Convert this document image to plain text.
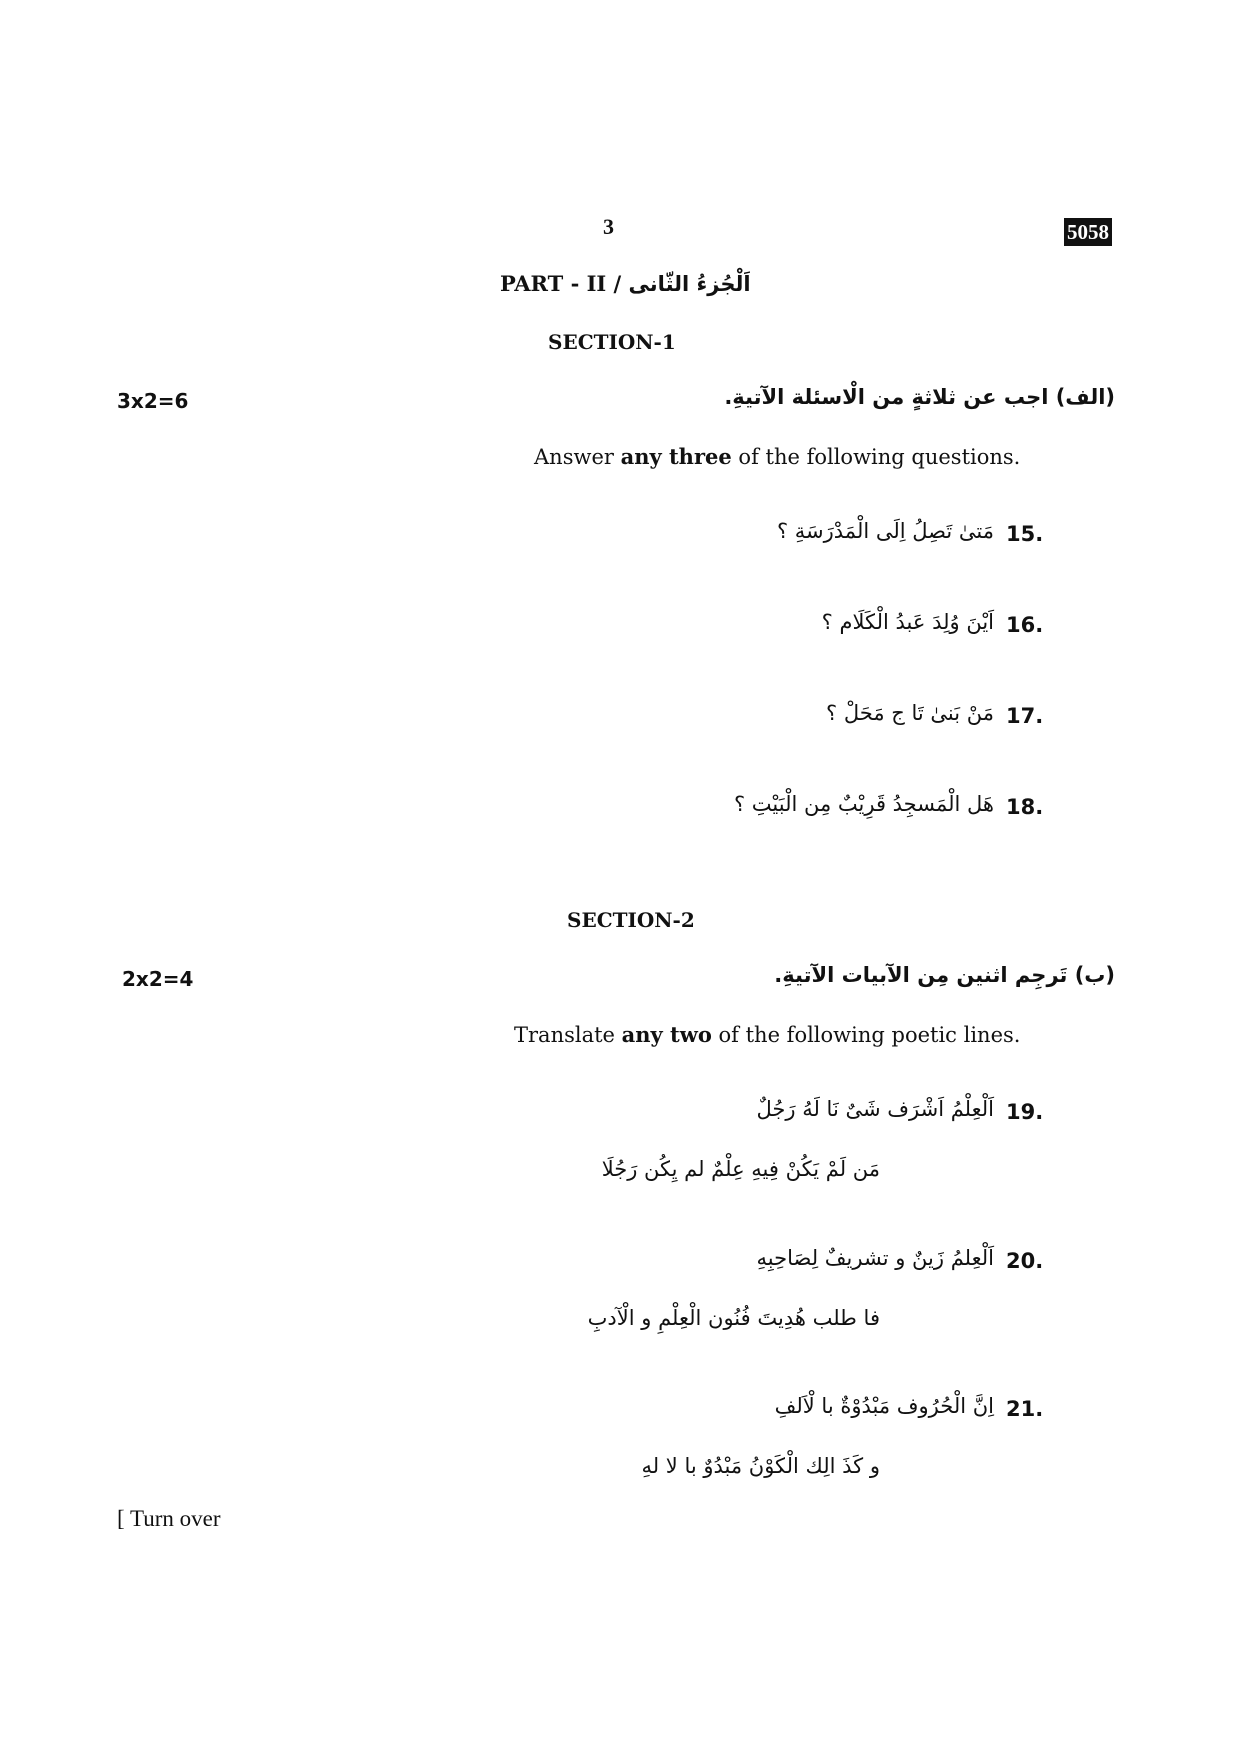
3	5058
PART - II / اَلْجُزءُ الثّانی
SECTION-1
(الف) اجب عن ثلاثةٍ من الْاسئلة الآتيةِ.
3x2=6
Answer any three of the following questions.
15.
مَتیٰ تَصِلُ اِلَی الْمَدْرَسَةِ ؟
16.
اَیْنَ وُلِدَ عَبدُ الْكَلَام ؟
17.
مَنْ بَنیٰ تَا ج مَحَلْ ؟
18.
هَل الْمَسجِدُ قَرِیْبٌ مِن الْبَیْتِ ؟
SECTION-2
(ب) تَرجِم اثنین مِن الآبیات الآتیةِ.
2x2=4
Translate any two of the following poetic lines.
19.
اَلْعِلْمُ اَشْرَف شَیٌ نَا لَهُ رَجُلٌ
مَن لَمْ یَكُنْ فِیهِ عِلْمٌ لم یِكُن رَجُلَا
20.
اَلْعِلمُ زَینٌ و تشریفٌ لِصَاحِبِهِ
فا طلب هُدِیتَ فُنُون الْعِلْمِ و الْآدبِ
21.
اِنَّ الْحُرُوف مَبْدُوْةٌ با لْاَلفِ
و كَذَ الِك الْكَوْنُ مَبْدُوٌ با لا لهِ
[ Turn over
